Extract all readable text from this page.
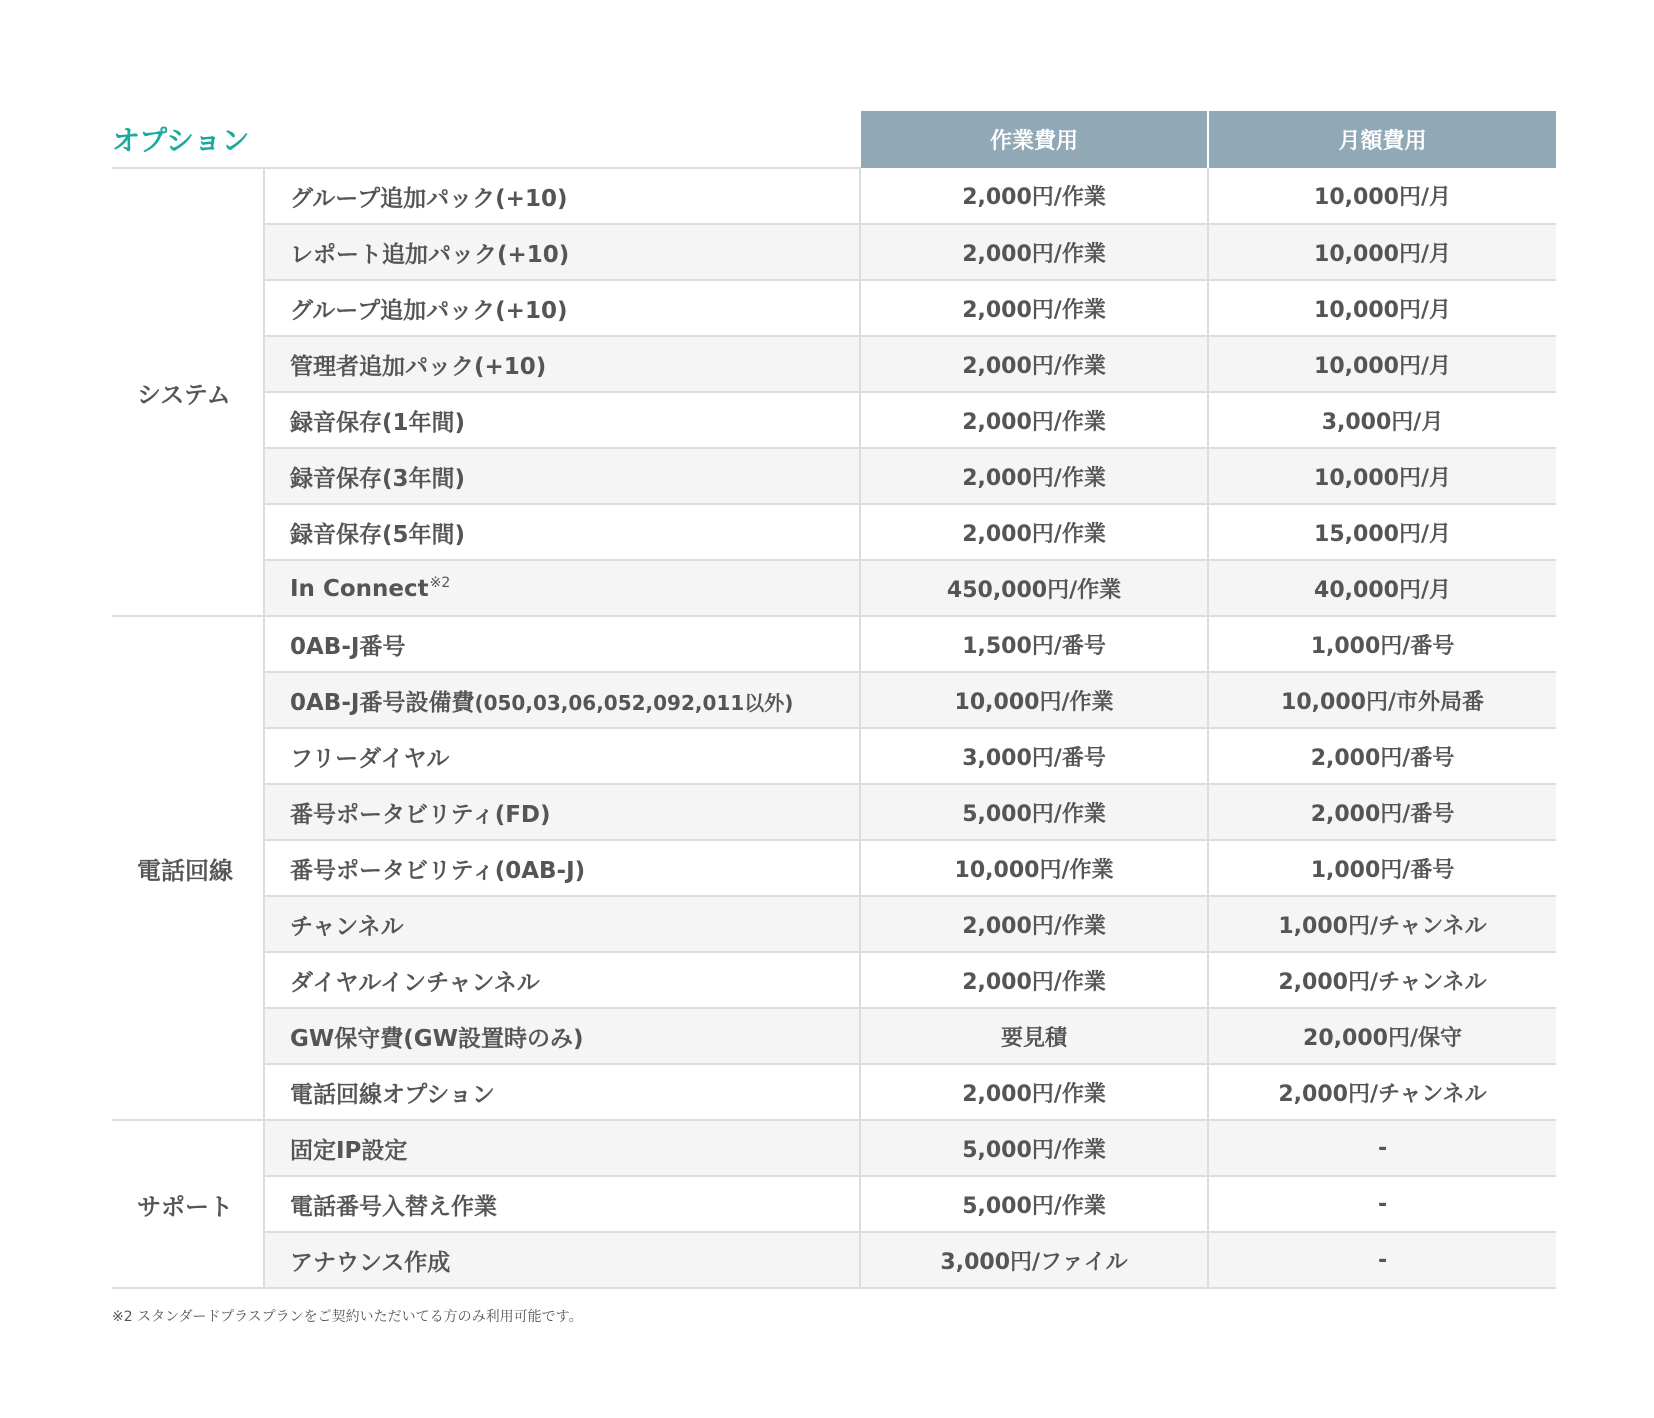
オプション		作業費用	月額費用
システム	グループ追加パック(+10)	2,000円/作業	10,000円/月
	レポート追加パック(+10)	2,000円/作業	10,000円/月
	グループ追加パック(+10)	2,000円/作業	10,000円/月
	管理者追加パック(+10)	2,000円/作業	10,000円/月
	録音保存(1年間)	2,000円/作業	3,000円/月
	録音保存(3年間)	2,000円/作業	10,000円/月
	録音保存(5年間)	2,000円/作業	15,000円/月
	In Connect$^{※2}$	450,000円/作業	40,000円/月
電話回線	0AB-J番号	1,500円/番号	1,000円/番号
	0AB-J番号設備費(050,03,06,052,092,011以外)	10,000円/作業	10,000円/市外局番
	フリーダイヤル	3,000円/番号	2,000円/番号
	番号ポータビリティ(FD)	5,000円/作業	2,000円/番号
	番号ポータビリティ(0AB-J)	10,000円/作業	1,000円/番号
	チャンネル	2,000円/作業	1,000円/チャンネル
	ダイヤルインチャンネル	2,000円/作業	2,000円/チャンネル
	GW保守費(GW設置時のみ)	要見積	20,000円/保守
	電話回線オプション	2,000円/作業	2,000円/チャンネル
サポート	固定IP設定	5,000円/作業	-
	電話番号入替え作業	5,000円/作業	-
	アナウンス作成	3,000円/ファイル	-
※2 スタンダードプラスプランをご契約いただいてる方のみ利用可能です。
